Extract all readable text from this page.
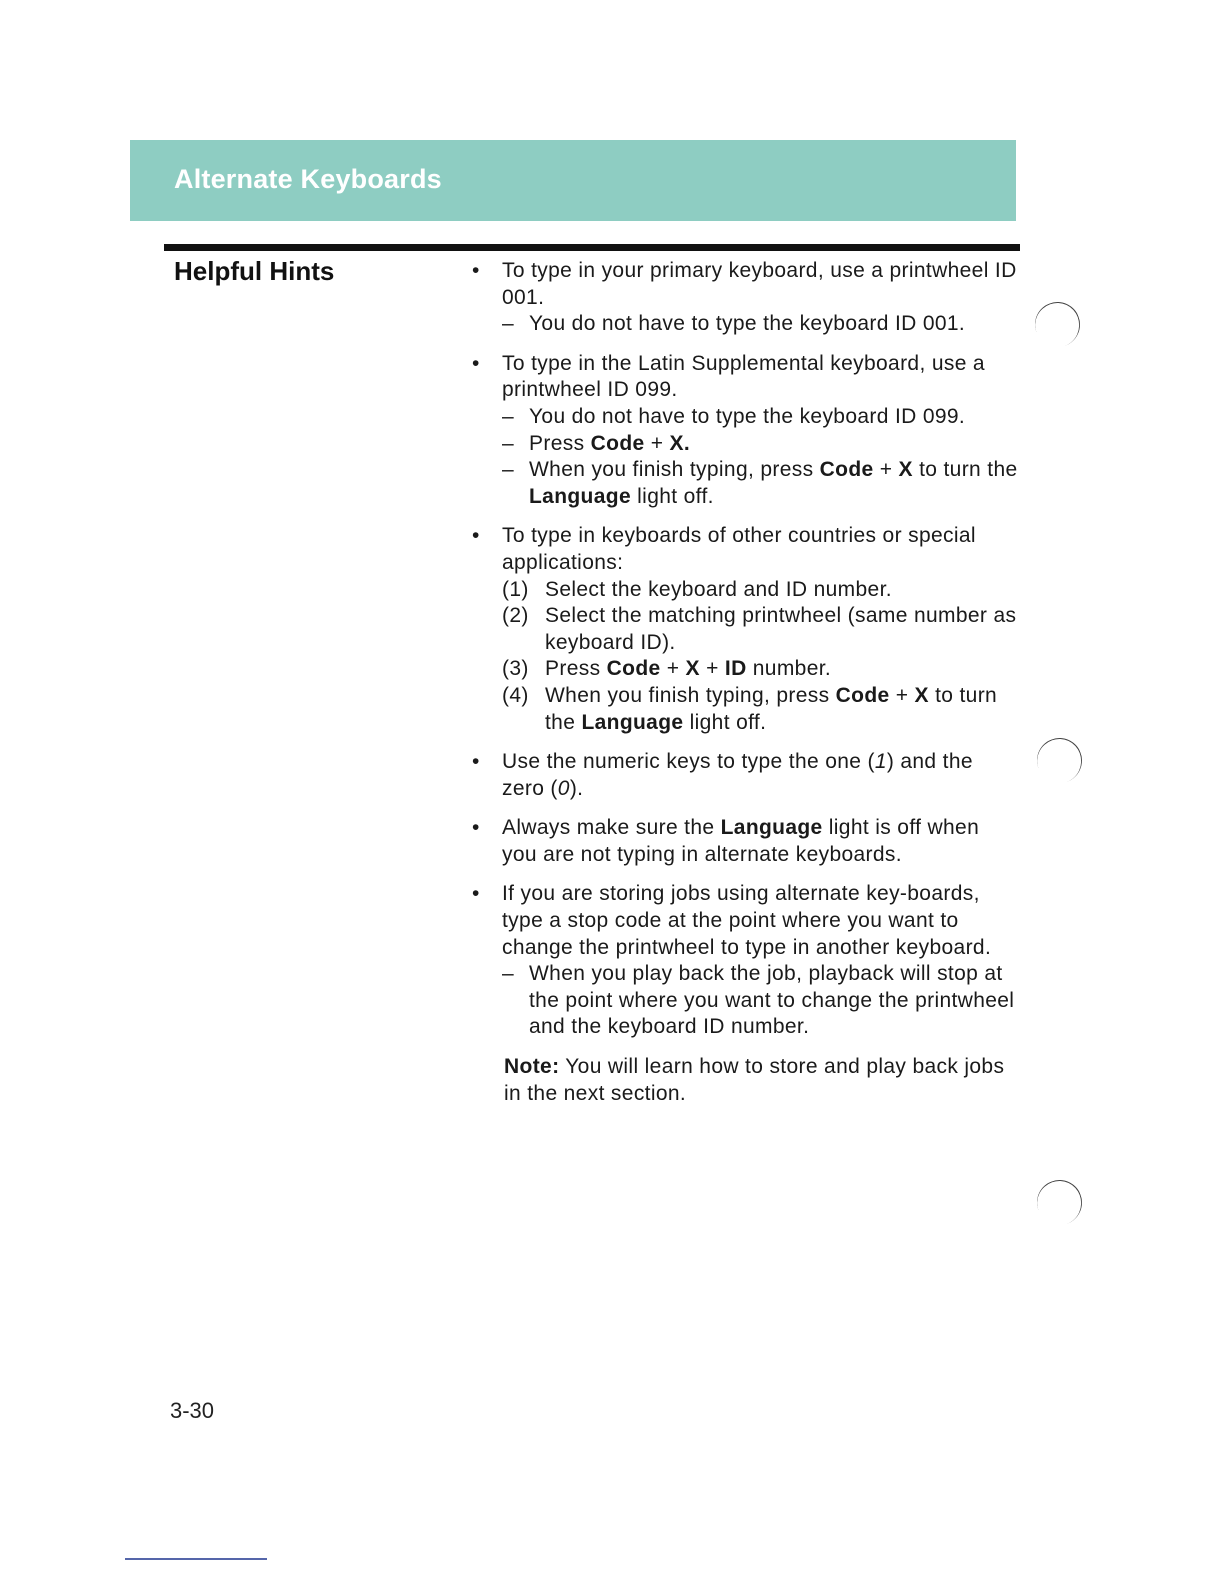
Alternate Keyboards
Helpful Hints	• To type in your primary keyboard, use a printwheel ID 001.
– You do not have to type the keyboard ID 001.
• To type in the Latin Supplemental keyboard, use a printwheel ID 099.
– You do not have to type the keyboard ID 099.
– Press Code + X.
– When you finish typing, press Code + X to turn the Language light off.
• To type in keyboards of other countries or special applications:
(1) Select the keyboard and ID number.
(2) Select the matching printwheel (same number as keyboard ID).
(3) Press Code + X + ID number.
(4) When you finish typing, press Code + X to turn the Language light off.
• Use the numeric keys to type the one (1) and the zero (0).
• Always make sure the Language light is off when you are not typing in alternate keyboards.
• If you are storing jobs using alternate key-boards, type a stop code at the point where you want to change the printwheel to type in another keyboard.
– When you play back the job, playback will stop at the point where you want to change the printwheel and the keyboard ID number.
Note: You will learn how to store and play back jobs in the next section.
3-30
